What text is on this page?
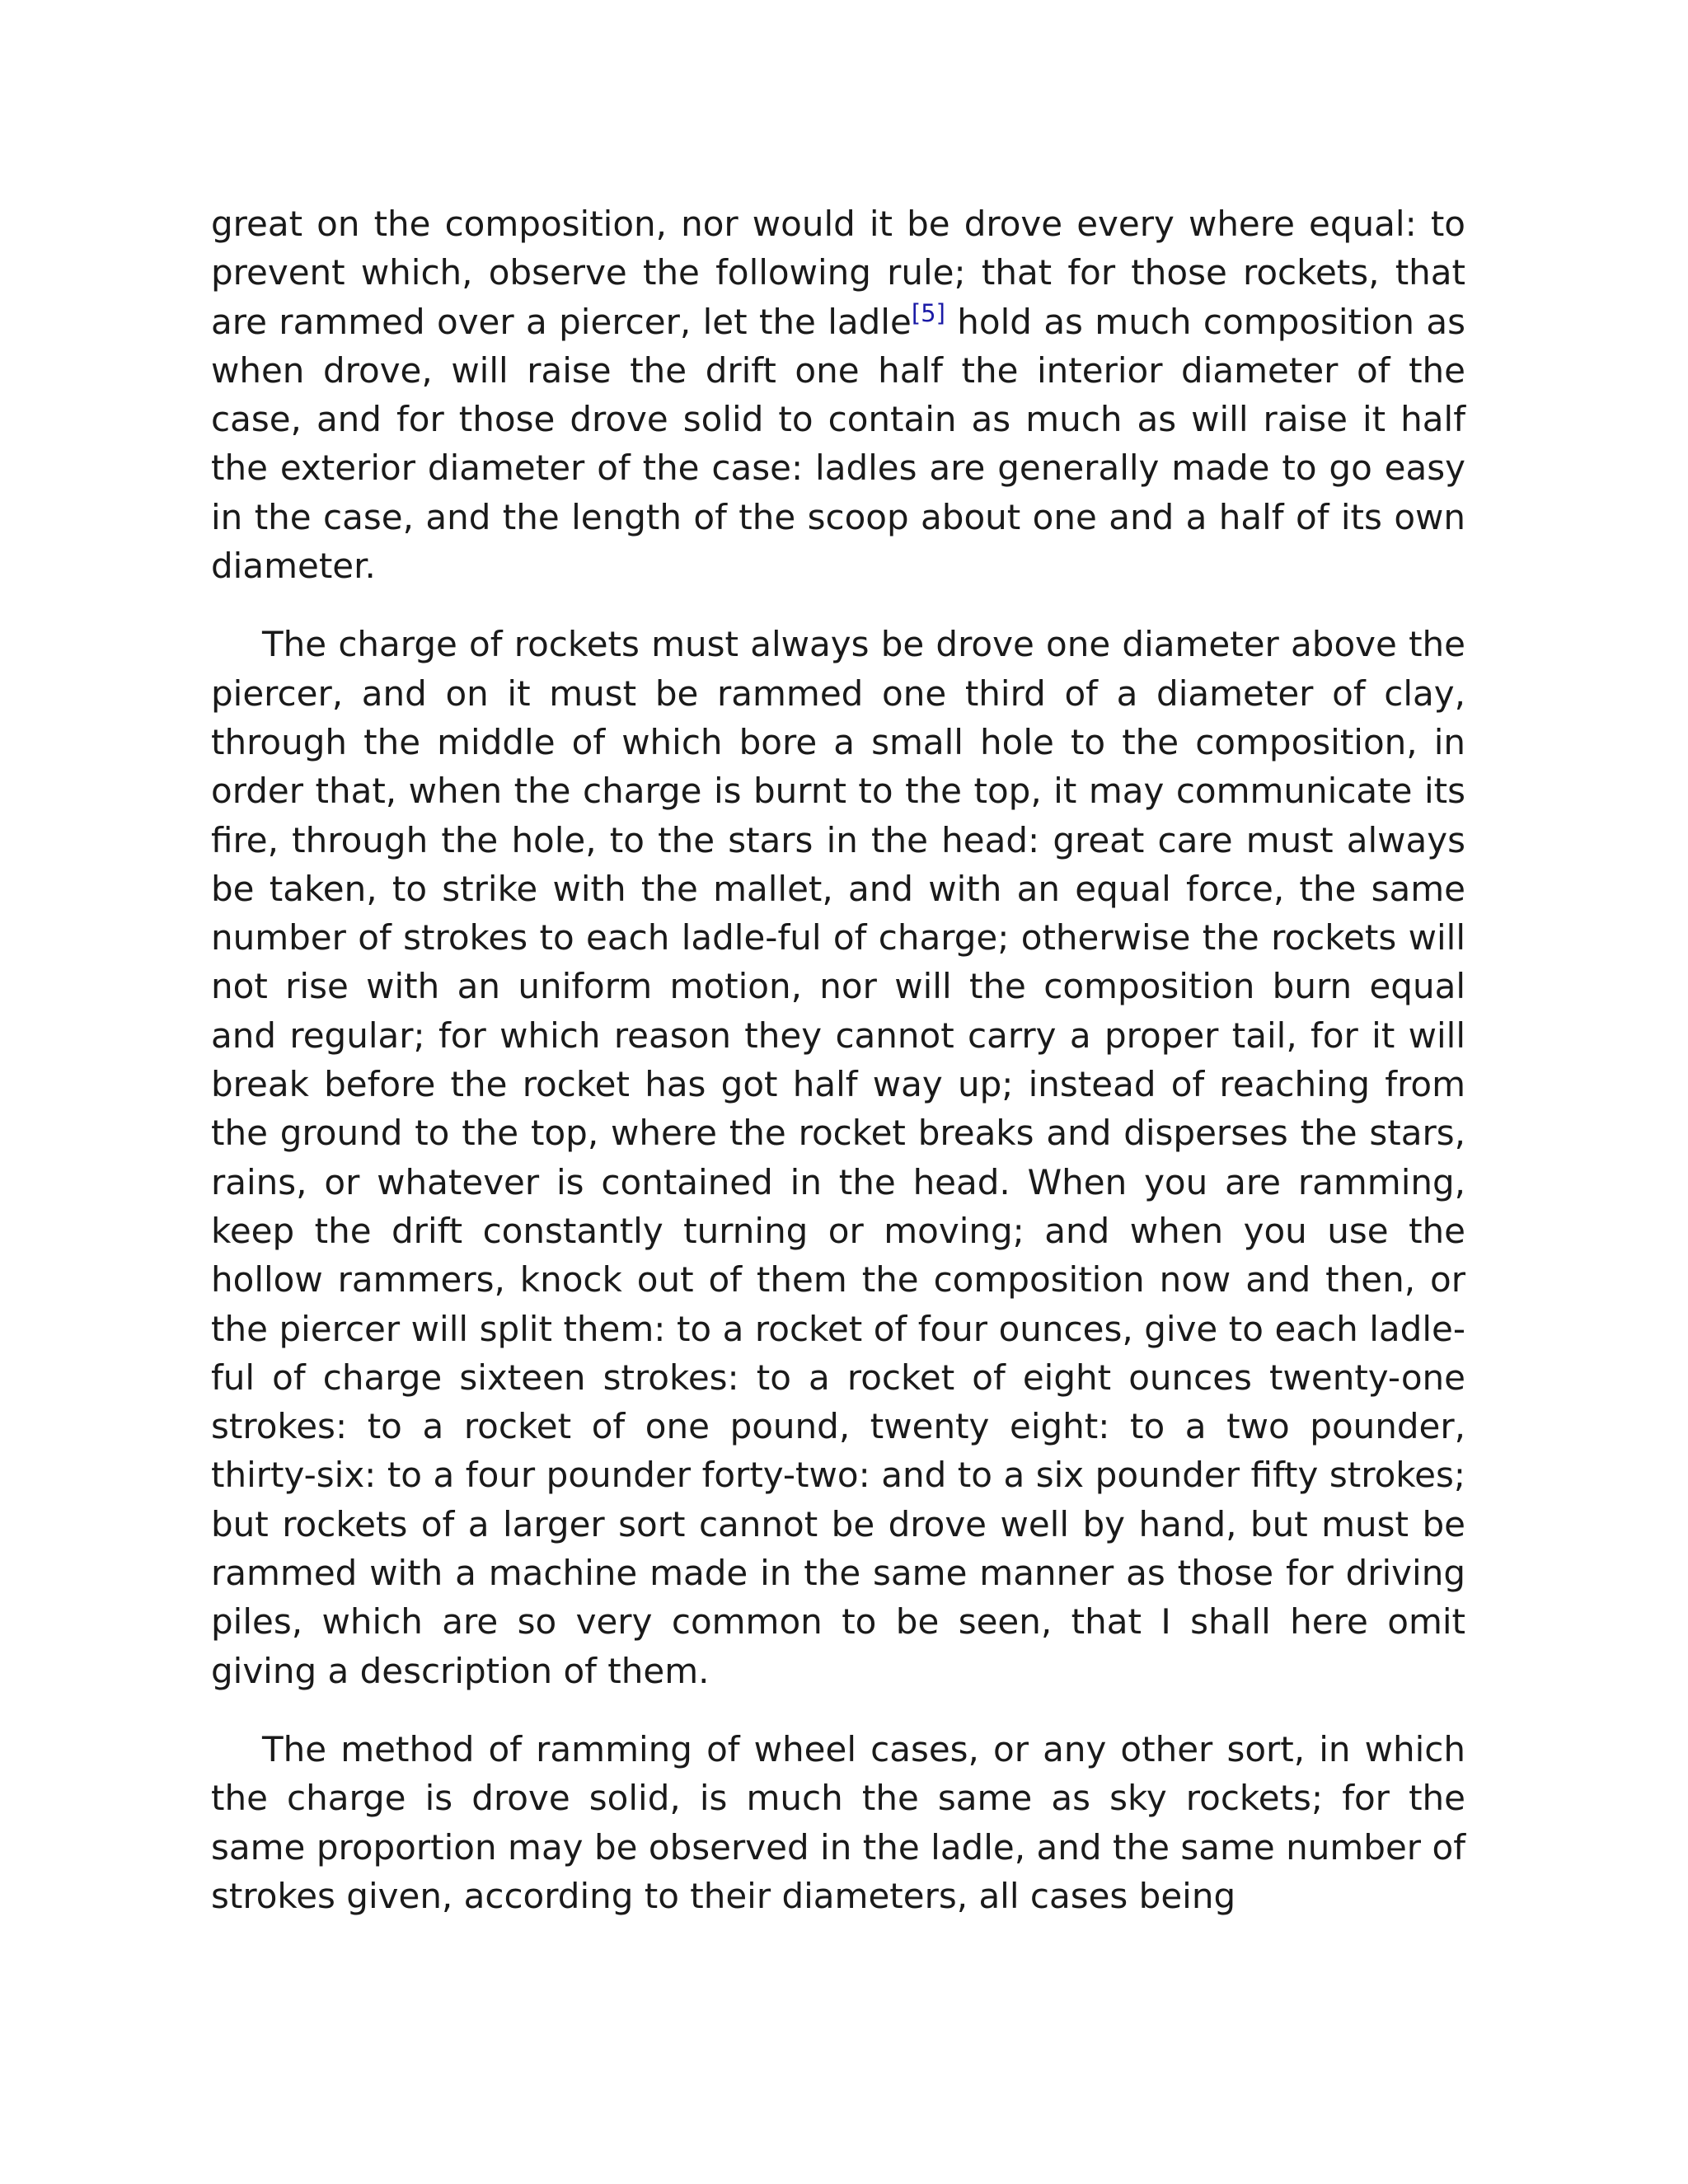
great on the composition, nor would it be drove every where equal: to prevent which, observe the following rule; that for those rockets, that are rammed over a piercer, let the ladle[5] hold as much composition as when drove, will raise the drift one half the interior diameter of the case, and for those drove solid to contain as much as will raise it half the exterior diameter of the case: ladles are generally made to go easy in the case, and the length of the scoop about one and a half of its own diameter.

The charge of rockets must always be drove one diameter above the piercer, and on it must be rammed one third of a diameter of clay, through the middle of which bore a small hole to the composition, in order that, when the charge is burnt to the top, it may communicate its fire, through the hole, to the stars in the head: great care must always be taken, to strike with the mallet, and with an equal force, the same number of strokes to each ladle-ful of charge; otherwise the rockets will not rise with an uniform motion, nor will the composition burn equal and regular; for which reason they cannot carry a proper tail, for it will break before the rocket has got half way up; instead of reaching from the ground to the top, where the rocket breaks and disperses the stars, rains, or whatever is contained in the head. When you are ramming, keep the drift constantly turning or moving; and when you use the hollow rammers, knock out of them the composition now and then, or the piercer will split them: to a rocket of four ounces, give to each ladle-ful of charge sixteen strokes: to a rocket of eight ounces twenty-one strokes: to a rocket of one pound, twenty eight: to a two pounder, thirty-six: to a four pounder forty-two: and to a six pounder fifty strokes; but rockets of a larger sort cannot be drove well by hand, but must be rammed with a machine made in the same manner as those for driving piles, which are so very common to be seen, that I shall here omit giving a description of them.

The method of ramming of wheel cases, or any other sort, in which the charge is drove solid, is much the same as sky rockets; for the same proportion may be observed in the ladle, and the same number of strokes given, according to their diameters, all cases being
